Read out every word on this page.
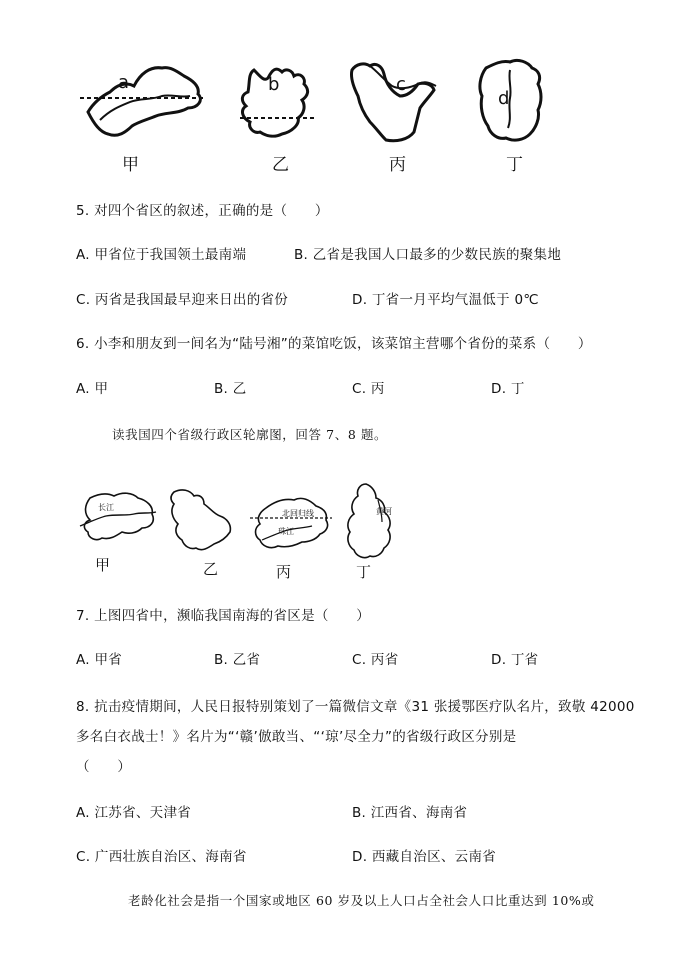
a
甲
b
乙
c
丙
d
丁
5. 对四个省区的叙述，正确的是（　　）
A. 甲省位于我国领土最南端	B. 乙省是我国人口最多的少数民族的聚集地
C. 丙省是我国最早迎来日出的省份	D. 丁省一月平均气温低于 0℃
6. 小李和朋友到一间名为“陆号湘”的菜馆吃饭，该菜馆主营哪个省份的菜系（　　）
A. 甲	B. 乙	C. 丙	D. 丁
读我国四个省级行政区轮廓图，回答 7、8 题。
长江
甲	乙
北回归线
珠江
丙
黄河
丁
7. 上图四省中，濒临我国南海的省区是（　　）
A. 甲省	B. 乙省	C. 丙省	D. 丁省
8. 抗击疫情期间，人民日报特别策划了一篇微信文章《31 张援鄂医疗队名片，致敬 42000
多名白衣战士！》名片为“‘赣’倣敢当、“‘琼’尽全力”的省级行政区分别是
（　　）
A. 江苏省、天津省	B. 江西省、海南省
C. 广西壮族自治区、海南省	D. 西藏自治区、云南省
老龄化社会是指一个国家或地区 60 岁及以上人口占全社会人口比重达到 10%或
